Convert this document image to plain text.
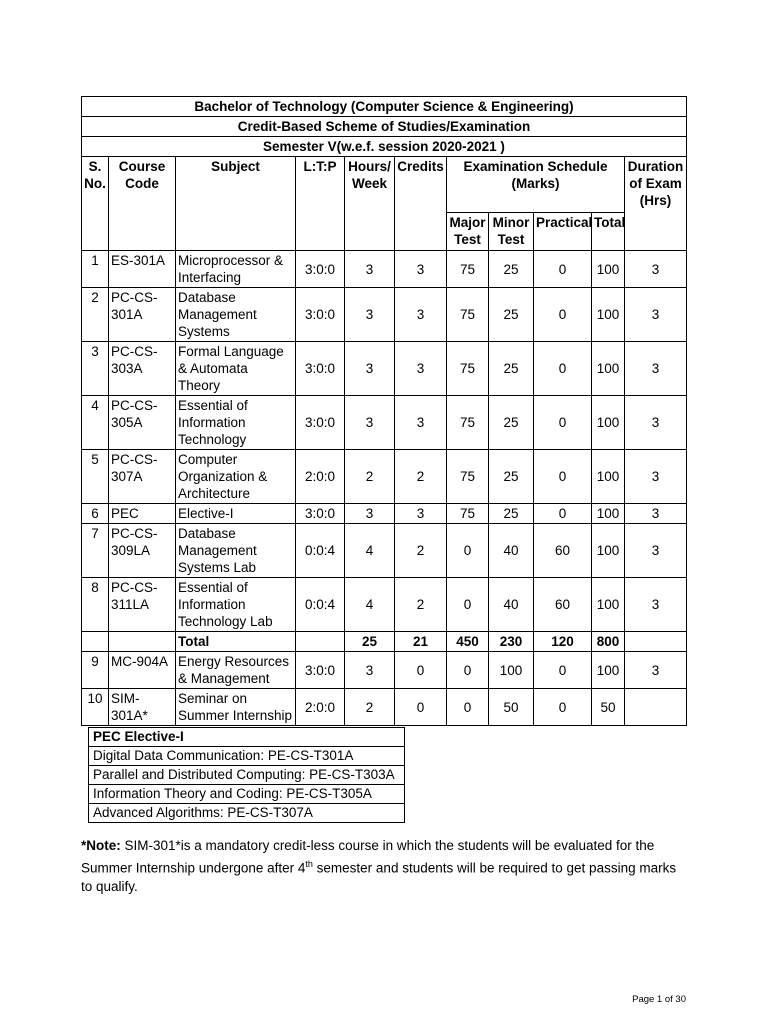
Bachelor of Technology (Computer Science & Engineering)										
Credit-Based Scheme of Studies/Examination										
Semester V(w.e.f. session 2020-2021 )										
S. No.	Course Code	Subject	L:T:P	Hours/ Week	Credits	Examination Schedule (Marks)				Duration of Exam (Hrs)
						Major Test	Minor Test	Practical	Total	
1	ES-301A	Microprocessor & Interfacing	3:0:0	3	3	75	25	0	100	3
2	PC-CS-301A	Database Management Systems	3:0:0	3	3	75	25	0	100	3
3	PC-CS-303A	Formal Language & Automata Theory	3:0:0	3	3	75	25	0	100	3
4	PC-CS-305A	Essential of Information Technology	3:0:0	3	3	75	25	0	100	3
5	PC-CS-307A	Computer Organization & Architecture	2:0:0	2	2	75	25	0	100	3
6	PEC	Elective-I	3:0:0	3	3	75	25	0	100	3
7	PC-CS-309LA	Database Management Systems Lab	0:0:4	4	2	0	40	60	100	3
8	PC-CS-311LA	Essential of Information Technology Lab	0:0:4	4	2	0	40	60	100	3
		Total		25	21	450	230	120	800	
9	MC-904A	Energy Resources & Management	3:0:0	3	0	0	100	0	100	3
10	SIM-301A*	Seminar on Summer Internship	2:0:0	2	0	0	50	0	50	
PEC Elective-I
Digital Data Communication: PE-CS-T301A
Parallel and Distributed Computing: PE-CS-T303A
Information Theory and Coding: PE-CS-T305A
Advanced Algorithms: PE-CS-T307A
*Note: SIM-301*is a mandatory credit-less course in which the students will be evaluated for the Summer Internship undergone after 4th semester and students will be required to get passing marks to qualify.
Page 1 of 30
